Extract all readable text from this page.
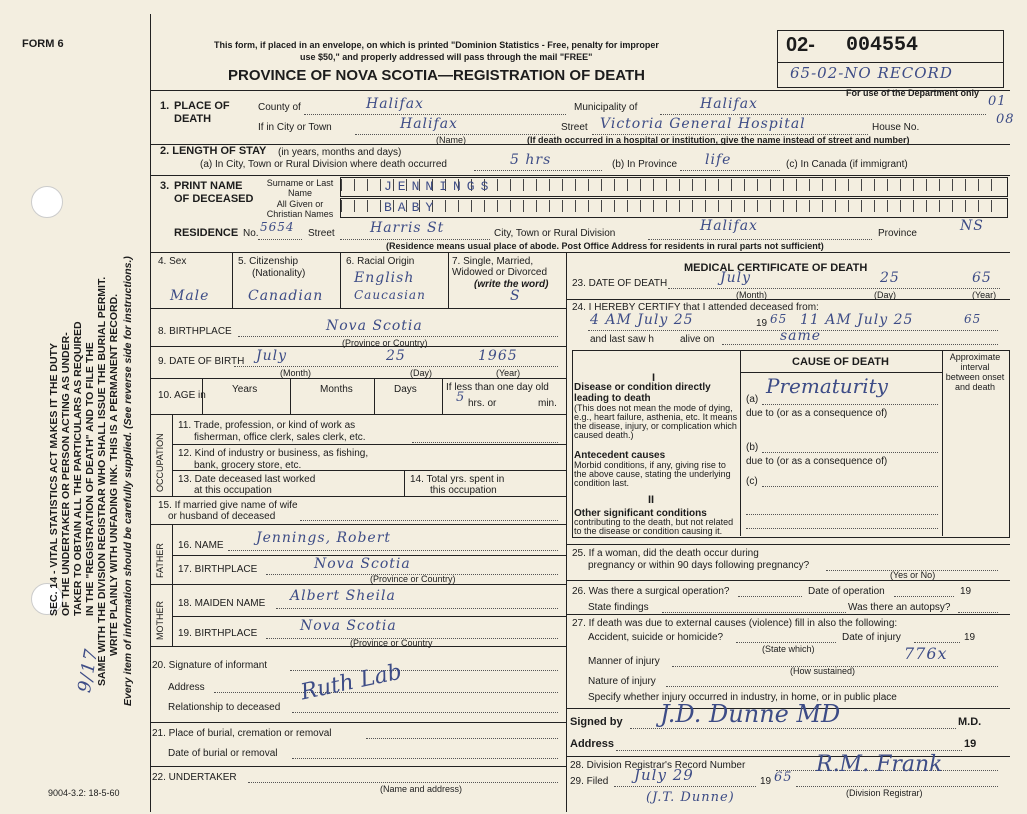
FORM 6	This form, if placed in an envelope, on which is printed "Dominion Statistics - Free, penalty for improper
use $50," and properly addressed will pass through the mail "FREE"
PROVINCE OF NOVA SCOTIA—REGISTRATION OF DEATH
02- 004554
65-02-NO RECORD
For use of the Department only
01
08
SEC. 14 - VITAL STATISTICS ACT MAKES IT THE DUTY OF THE UNDERTAKER OR PERSON ACTING AS UNDER- TAKER TO OBTAIN ALL THE PARTICULARS AS REQUIRED IN THE "REGISTRATION OF DEATH" AND TO FILE THE SAME WITH THE DIVISION REGISTRAR WHO SHALL ISSUE THE BURIAL PERMIT. WRITE PLAINLY WITH UNFADING INK. THIS IS A PERMANENT RECORD. Every item of information should be carefully supplied. (See reverse side for instructions.)
9/17
1. PLACE OF DEATH
County of	Halifax	Municipality of	Halifax
If in City or Town	Halifax
(Name)
Street Victoria General Hospital	House No.
(If death occurred in a hospital or institution, give the name instead of street and number)
2. LENGTH OF STAY (in years, months and days)
(a) In City, Town or Rural Division where death occurred	5 hrs	(b) In Province life	(c) In Canada (if immigrant)
3. PRINT NAME OF DECEASED
Surname or Last Name
All Given or Christian Names
JENNINGS
BABY
RESIDENCE No. 5654 Street	Harris St	City, Town or Rural Division	Halifax	Province	NS
(Residence means usual place of abode. Post Office Address for residents in rural parts not sufficient)
4. Sex	5. Citizenship
(Nationality)
6. Racial Origin	7. Single, Married, Widowed or Divorced
(write the word)
Male	Canadian
English
Caucasian	S
8. BIRTHPLACE	Nova Scotia
(Province or Country)
9. DATE OF BIRTH July	25	1965
(Month)	(Day)	(Year)
10. AGE in
Years	Months	Days	If less than one day old
5 hrs. or	min.
OCCUPATION
11. Trade, profession, or kind of work as
fisherman, office clerk, sales clerk, etc.
12. Kind of industry or business, as fishing,
bank, grocery store, etc.
13. Date deceased last worked
at this occupation
14. Total yrs. spent in
this occupation
15. If married give name of wife
or husband of deceased
FATHER 16. NAME Jennings, Robert
17. BIRTHPLACE	Nova Scotia
(Province or Country)
MOTHER 18. MAIDEN NAME Albert Sheila
19. BIRTHPLACE	Nova Scotia
(Province or Country
20. Signature of informant
Address
Relationship to deceased
Ruth Lab
21. Place of burial, cremation or removal
Date of burial or removal
22. UNDERTAKER
(Name and address)
9004-3.2: 18-5-60
MEDICAL CERTIFICATE OF DEATH
23. DATE OF DEATH	July	25	65
(Month)	(Day)	(Year)
24. I HEREBY CERTIFY that I attended deceased from:
4 AM July 25	19 65 11 AM July 25	65
and last saw h	alive on	same
CAUSE OF DEATH	Approximate interval between onset and death
I
Disease or condition directly leading to death
(This does not mean the mode of dying, e.g., heart failure, asthenia, etc. It means the disease, injury, or complication which caused death.)
(a)
Prematurity
due to (or as a consequence of)
Antecedent causes
Morbid conditions, if any, giving rise to the above cause, stating the underlying condition last.
(b)
due to (or as a consequence of)
(c)
II
Other significant conditions
contributing to the death, but not related to the disease or condition causing it.
25. If a woman, did the death occur during
pregnancy or within 90 days following pregnancy?
(Yes or No)
26. Was there a surgical operation?	Date of operation	19
State findings	Was there an autopsy?
27. If death was due to external causes (violence) fill in also the following:
Accident, suicide or homicide?	Date of injury	19
(State which)
Manner of injury	776x
(How sustained)
Nature of injury
Specify whether injury occurred in industry, in home, or in public place
Signed by J.D. Dunne MD	M.D.
Address	19
28. Division Registrar's Record Number
29. Filed July 29	19 65
R.M. Frank
(Division Registrar)
(J.T. Dunne)
